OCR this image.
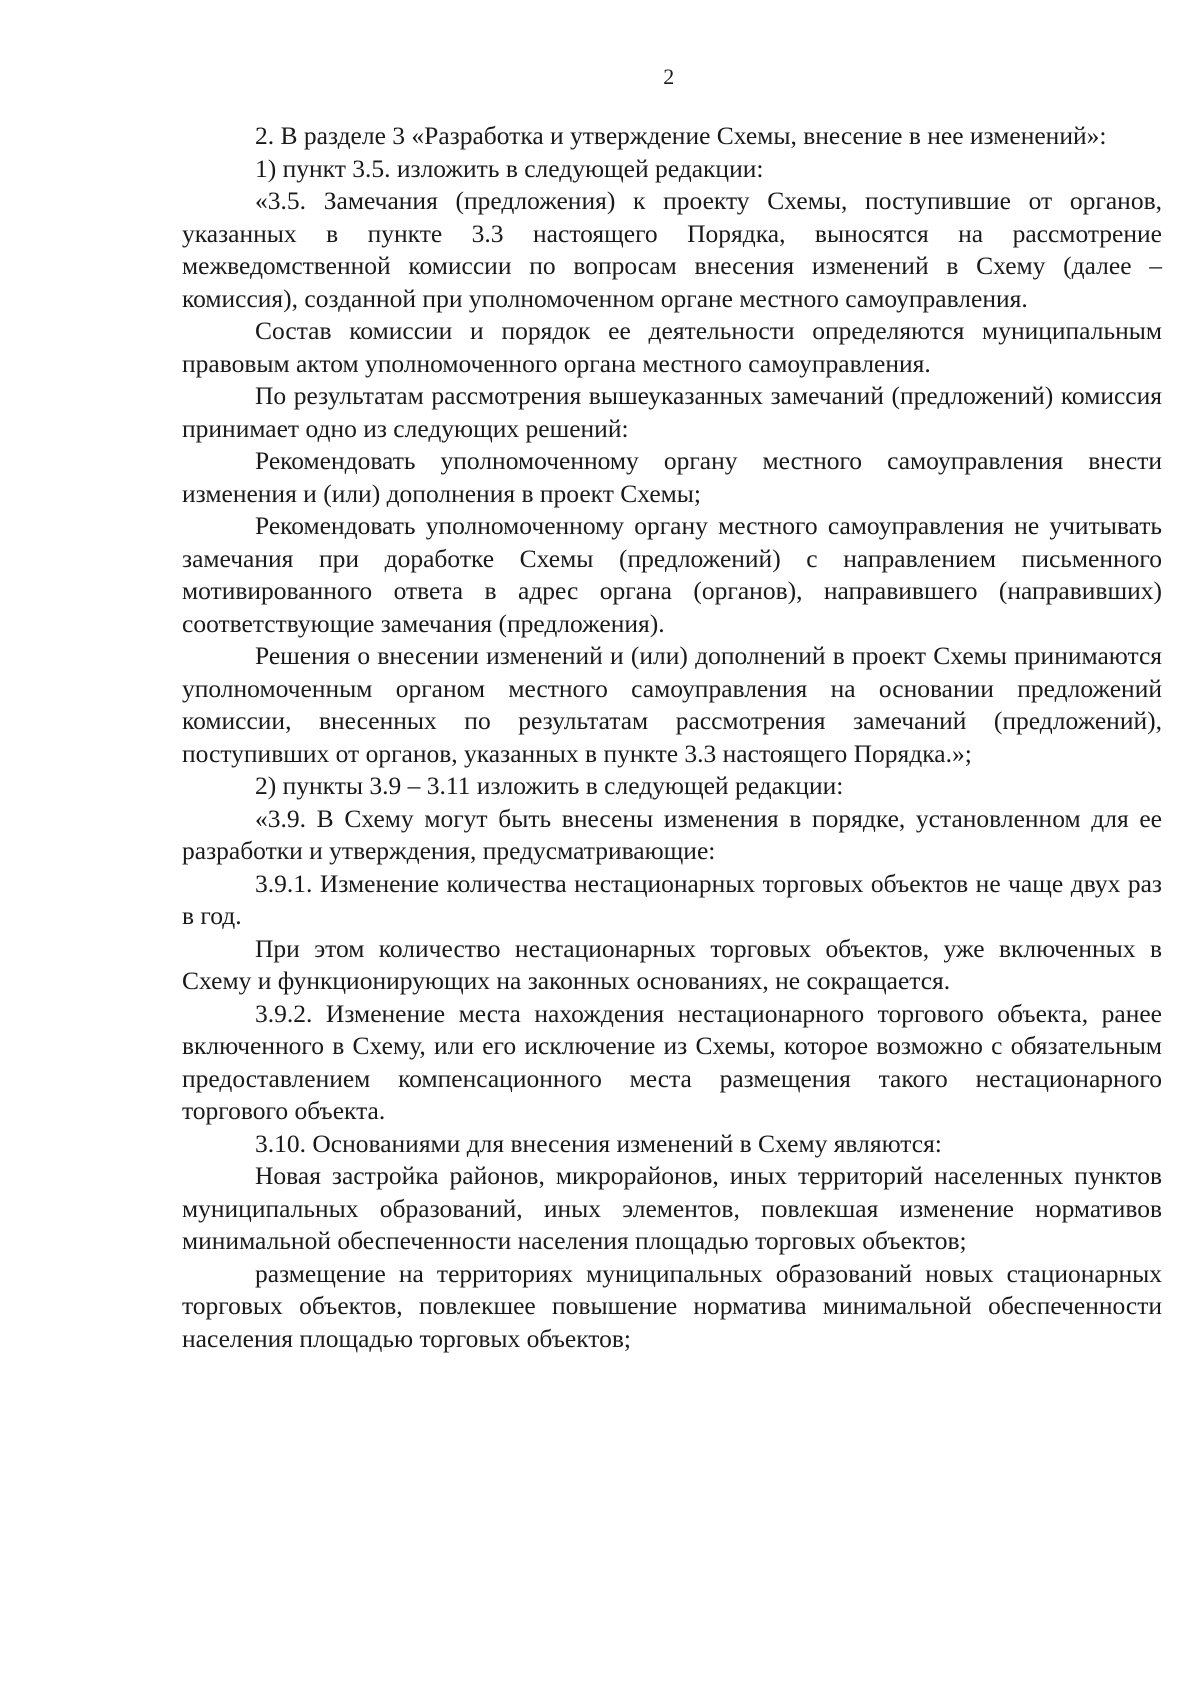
2

2. В разделе 3 «Разработка и утверждение Схемы, внесение в нее изменений»:

1) пункт 3.5. изложить в следующей редакции:

«3.5. Замечания (предложения) к проекту Схемы, поступившие от органов, указанных в пункте 3.3 настоящего Порядка, выносятся на рассмотрение межведомственной комиссии по вопросам внесения изменений в Схему (далее – комиссия), созданной при уполномоченном органе местного самоуправления.

Состав комиссии и порядок ее деятельности определяются муниципальным правовым актом уполномоченного органа местного самоуправления.

По результатам рассмотрения вышеуказанных замечаний (предложений) комиссия принимает одно из следующих решений:

Рекомендовать уполномоченному органу местного самоуправления внести изменения и (или) дополнения в проект Схемы;

Рекомендовать уполномоченному органу местного самоуправления не учитывать замечания при доработке Схемы (предложений) с направлением письменного мотивированного ответа в адрес органа (органов), направившего (направивших) соответствующие замечания (предложения).

Решения о внесении изменений и (или) дополнений в проект Схемы принимаются уполномоченным органом местного самоуправления на основании предложений комиссии, внесенных по результатам рассмотрения замечаний (предложений), поступивших от органов, указанных в пункте 3.3 настоящего Порядка.»;

2) пункты 3.9 – 3.11 изложить в следующей редакции:

«3.9. В Схему могут быть внесены изменения в порядке, установленном для ее разработки и утверждения, предусматривающие:

3.9.1. Изменение количества нестационарных торговых объектов не чаще двух раз в год.

При этом количество нестационарных торговых объектов, уже включенных в Схему и функционирующих на законных основаниях, не сокращается.

3.9.2. Изменение места нахождения нестационарного торгового объекта, ранее включенного в Схему, или его исключение из Схемы, которое возможно с обязательным предоставлением компенсационного места размещения такого нестационарного торгового объекта.

3.10. Основаниями для внесения изменений в Схему являются:

Новая застройка районов, микрорайонов, иных территорий населенных пунктов муниципальных образований, иных элементов, повлекшая изменение нормативов минимальной обеспеченности населения площадью торговых объектов;

размещение на территориях муниципальных образований новых стационарных торговых объектов, повлекшее повышение норматива минимальной обеспеченности населения площадью торговых объектов;
